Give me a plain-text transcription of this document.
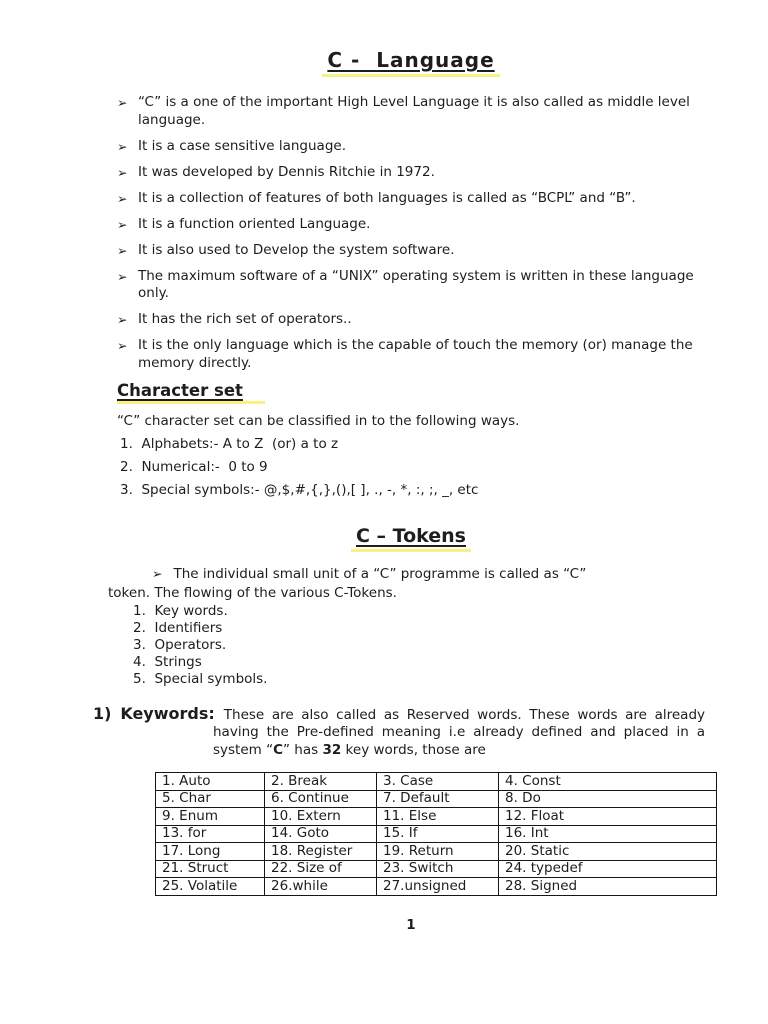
C -  Language
➢ “C” is a one of the important High Level Language it is also called as middle level language.
➢ It is a case sensitive language.
➢ It was developed by Dennis Ritchie in 1972.
➢ It is a collection of features of both languages is called as “BCPL” and “B”.
➢ It is a function oriented Language.
➢ It is also used to Develop the system software.
➢ The maximum software of a “UNIX” operating system is written in these language only.
➢ It has the rich set of operators..
➢ It is the only language which is the capable of touch the memory (or) manage the memory directly.
Character set

“C” character set can be classified in to the following ways.

1.  Alphabets:- A to Z  (or) a to z
2.  Numerical:-  0 to 9
3.  Special symbols:- @,$,#,{,},(),[ ], ., -, *, :, ;, _, etc
C – Tokens

➢ The individual small unit of a “C” programme is called as “C”

token. The flowing of the various C-Tokens.

1.  Key words.
2.  Identifiers
3.  Operators.
4.  Strings
5.  Special symbols.

1) Keywords: These are also called as Reserved words. These words are already having the Pre-defined meaning i.e already defined and placed in a system “C” has 32 key words, those are

1. Auto	2. Break	3. Case	4. Const
5. Char	6. Continue	7. Default	8. Do
9. Enum	10. Extern	11. Else	12. Float
13. for	14. Goto	15. If	16. Int
17. Long	18. Register	19. Return	20. Static
21. Struct	22. Size of	23. Switch	24. typedef
25. Volatile	26.while	27.unsigned	28. Signed
1
